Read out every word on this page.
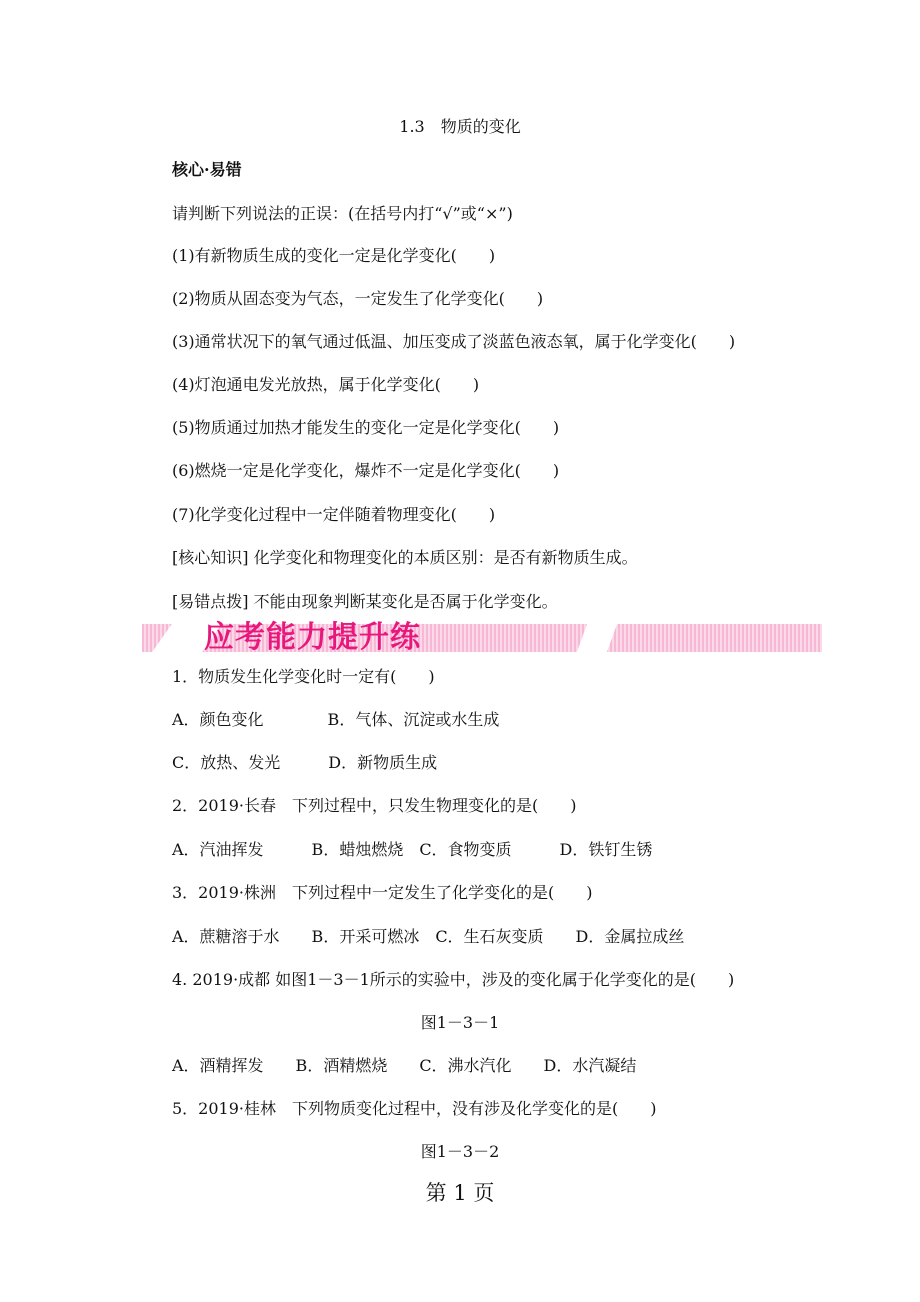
1.3　物质的变化
核心·易错
请判断下列说法的正误：(在括号内打“√”或“×”)
(1)有新物质生成的变化一定是化学变化(　　)
(2)物质从固态变为气态，一定发生了化学变化(　　)
(3)通常状况下的氧气通过低温、加压变成了淡蓝色液态氧，属于化学变化(　　)
(4)灯泡通电发光放热，属于化学变化(　　)
(5)物质通过加热才能发生的变化一定是化学变化(　　)
(6)燃烧一定是化学变化，爆炸不一定是化学变化(　　)
(7)化学变化过程中一定伴随着物理变化(　　)
[核心知识] 化学变化和物理变化的本质区别：是否有新物质生成。
[易错点拨] 不能由现象判断某变化是否属于化学变化。
应考能力提升练
1．物质发生化学变化时一定有(　　)
A．颜色变化　　　　B．气体、沉淀或水生成
C．放热、发光　　　D．新物质生成
2．2019·长春　下列过程中，只发生物理变化的是(　　)
A．汽油挥发　　　B．蜡烛燃烧　C．食物变质　　　D．铁钉生锈
3．2019·株洲　下列过程中一定发生了化学变化的是(　　)
A．蔗糖溶于水　　B．开采可燃冰　C．生石灰变质　　D．金属拉成丝
4. 2019·成都 如图1－3－1所示的实验中，涉及的变化属于化学变化的是(　　)
图1－3－1
A．酒精挥发　　B．酒精燃烧　　C．沸水汽化　　D．水汽凝结
5．2019·桂林　下列物质变化过程中，没有涉及化学变化的是(　　)
图1－3－2
第 1 页
